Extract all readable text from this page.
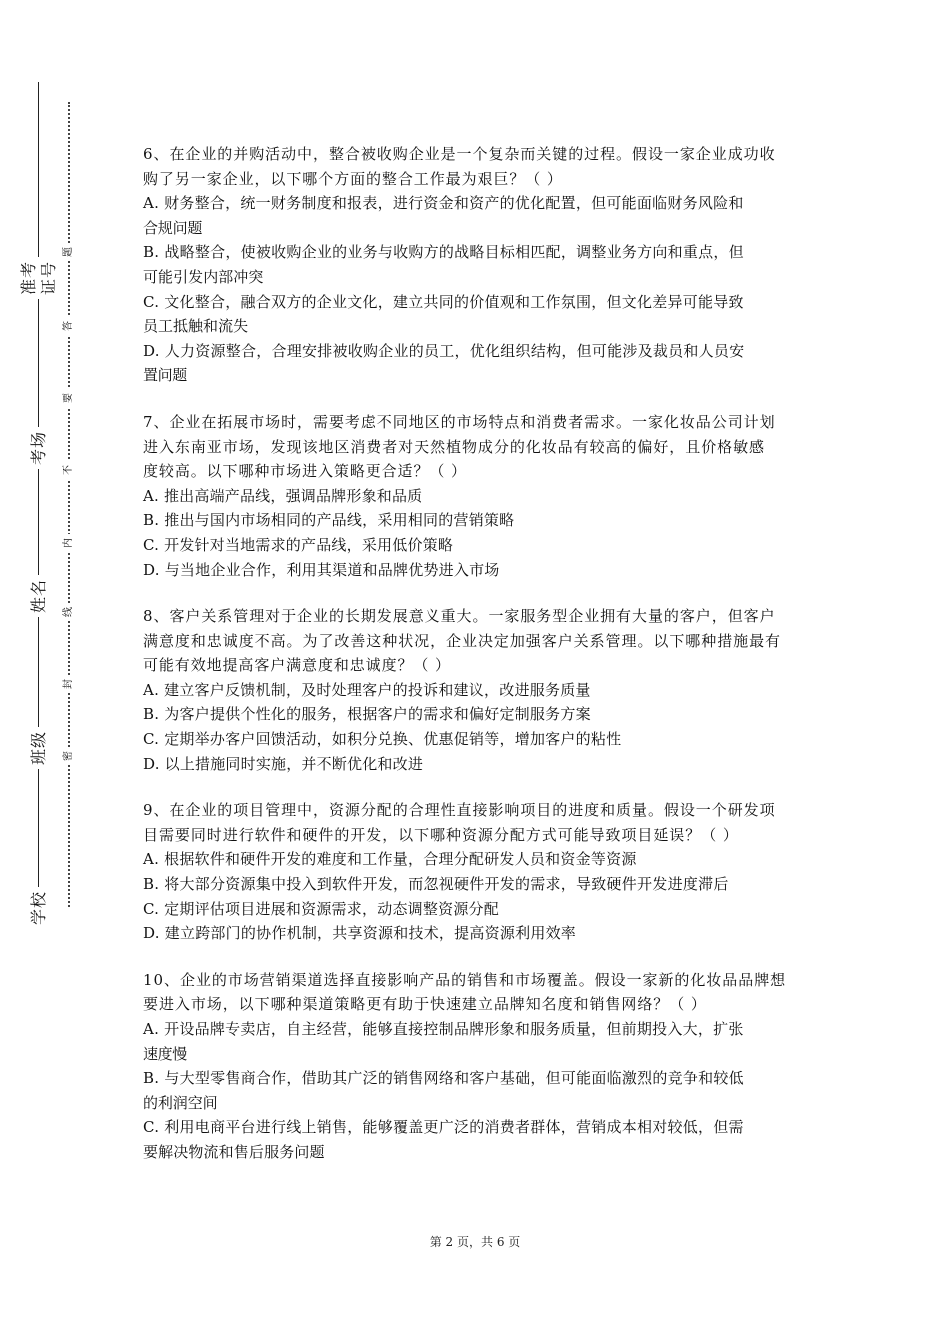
准考证号
考场
姓名
班级
学校
题
答
要
不
内
线
封
密
6、在企业的并购活动中，整合被收购企业是一个复杂而关键的过程。假设一家企业成功收
购了另一家企业，以下哪个方面的整合工作最为艰巨？（ ）
A. 财务整合，统一财务制度和报表，进行资金和资产的优化配置，但可能面临财务风险和
合规问题
B. 战略整合，使被收购企业的业务与收购方的战略目标相匹配，调整业务方向和重点，但
可能引发内部冲突
C. 文化整合，融合双方的企业文化，建立共同的价值观和工作氛围，但文化差异可能导致
员工抵触和流失
D. 人力资源整合，合理安排被收购企业的员工，优化组织结构，但可能涉及裁员和人员安
置问题
7、企业在拓展市场时，需要考虑不同地区的市场特点和消费者需求。一家化妆品公司计划
进入东南亚市场，发现该地区消费者对天然植物成分的化妆品有较高的偏好，且价格敏感
度较高。以下哪种市场进入策略更合适？（ ）
A. 推出高端产品线，强调品牌形象和品质
B. 推出与国内市场相同的产品线，采用相同的营销策略
C. 开发针对当地需求的产品线，采用低价策略
D. 与当地企业合作，利用其渠道和品牌优势进入市场
8、客户关系管理对于企业的长期发展意义重大。一家服务型企业拥有大量的客户，但客户
满意度和忠诚度不高。为了改善这种状况，企业决定加强客户关系管理。以下哪种措施最有
可能有效地提高客户满意度和忠诚度？（ ）
A. 建立客户反馈机制，及时处理客户的投诉和建议，改进服务质量
B. 为客户提供个性化的服务，根据客户的需求和偏好定制服务方案
C. 定期举办客户回馈活动，如积分兑换、优惠促销等，增加客户的粘性
D. 以上措施同时实施，并不断优化和改进
9、在企业的项目管理中，资源分配的合理性直接影响项目的进度和质量。假设一个研发项
目需要同时进行软件和硬件的开发，以下哪种资源分配方式可能导致项目延误？（ ）
A. 根据软件和硬件开发的难度和工作量，合理分配研发人员和资金等资源
B. 将大部分资源集中投入到软件开发，而忽视硬件开发的需求，导致硬件开发进度滞后
C. 定期评估项目进展和资源需求，动态调整资源分配
D. 建立跨部门的协作机制，共享资源和技术，提高资源利用效率
10、企业的市场营销渠道选择直接影响产品的销售和市场覆盖。假设一家新的化妆品品牌想
要进入市场，以下哪种渠道策略更有助于快速建立品牌知名度和销售网络？（ ）
A. 开设品牌专卖店，自主经营，能够直接控制品牌形象和服务质量，但前期投入大，扩张
速度慢
B. 与大型零售商合作，借助其广泛的销售网络和客户基础，但可能面临激烈的竞争和较低
的利润空间
C. 利用电商平台进行线上销售，能够覆盖更广泛的消费者群体，营销成本相对较低，但需
要解决物流和售后服务问题
第 2 页，共 6 页
